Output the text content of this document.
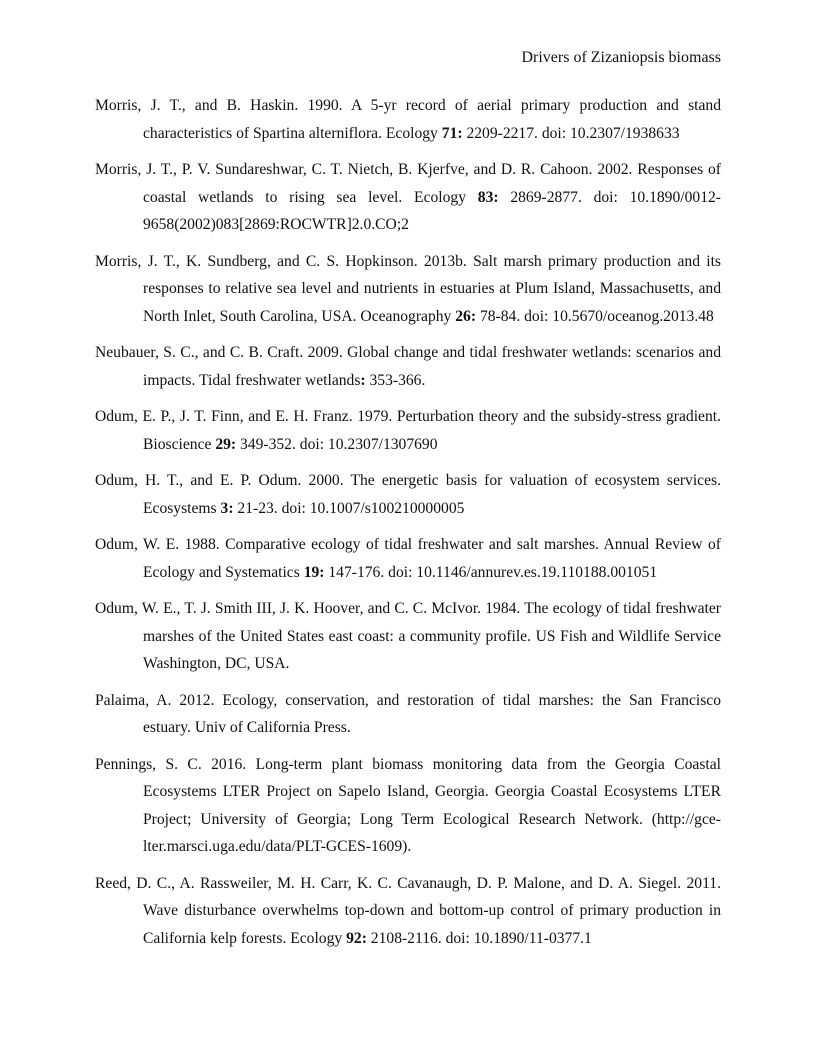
Drivers of Zizaniopsis biomass
Morris, J. T., and B. Haskin. 1990. A 5‐yr record of aerial primary production and stand characteristics of Spartina alterniflora. Ecology 71: 2209-2217. doi: 10.2307/1938633
Morris, J. T., P. V. Sundareshwar, C. T. Nietch, B. Kjerfve, and D. R. Cahoon. 2002. Responses of coastal wetlands to rising sea level. Ecology 83: 2869-2877. doi: 10.1890/0012-9658(2002)083[2869:ROCWTR]2.0.CO;2
Morris, J. T., K. Sundberg, and C. S. Hopkinson. 2013b. Salt marsh primary production and its responses to relative sea level and nutrients in estuaries at Plum Island, Massachusetts, and North Inlet, South Carolina, USA. Oceanography 26: 78-84. doi: 10.5670/oceanog.2013.48
Neubauer, S. C., and C. B. Craft. 2009. Global change and tidal freshwater wetlands: scenarios and impacts. Tidal freshwater wetlands: 353-366.
Odum, E. P., J. T. Finn, and E. H. Franz. 1979. Perturbation theory and the subsidy-stress gradient. Bioscience 29: 349-352. doi: 10.2307/1307690
Odum, H. T., and E. P. Odum. 2000. The energetic basis for valuation of ecosystem services. Ecosystems 3: 21-23. doi: 10.1007/s100210000005
Odum, W. E. 1988. Comparative ecology of tidal freshwater and salt marshes. Annual Review of Ecology and Systematics 19: 147-176. doi: 10.1146/annurev.es.19.110188.001051
Odum, W. E., T. J. Smith III, J. K. Hoover, and C. C. McIvor. 1984. The ecology of tidal freshwater marshes of the United States east coast: a community profile. US Fish and Wildlife Service Washington, DC, USA.
Palaima, A. 2012. Ecology, conservation, and restoration of tidal marshes: the San Francisco estuary. Univ of California Press.
Pennings, S. C. 2016. Long-term plant biomass monitoring data from the Georgia Coastal Ecosystems LTER Project on Sapelo Island, Georgia. Georgia Coastal Ecosystems LTER Project; University of Georgia; Long Term Ecological Research Network. (http://gce-lter.marsci.uga.edu/data/PLT-GCES-1609).
Reed, D. C., A. Rassweiler, M. H. Carr, K. C. Cavanaugh, D. P. Malone, and D. A. Siegel. 2011. Wave disturbance overwhelms top‐down and bottom‐up control of primary production in California kelp forests. Ecology 92: 2108-2116. doi: 10.1890/11-0377.1
